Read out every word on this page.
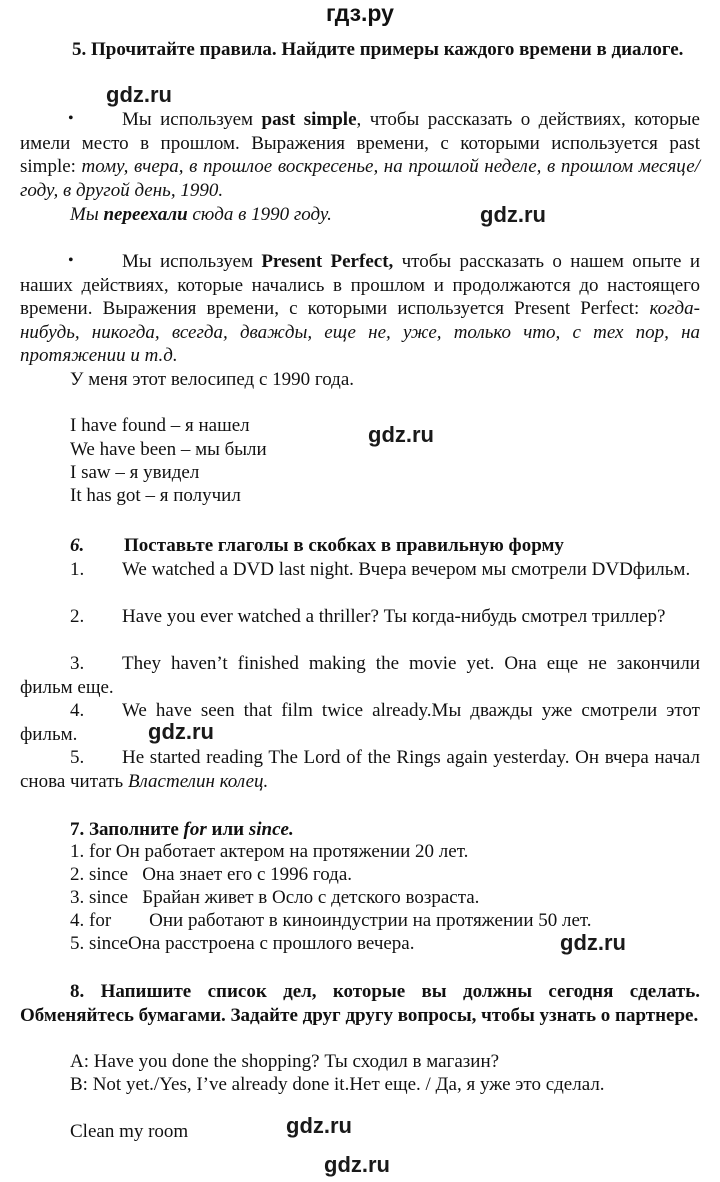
гдз.ру
5. Прочитайте правила. Найдите примеры каждого времени в диалоге.
gdz.ru
•	Мы используем past simple, чтобы рассказать о действиях, которые имели место в прошлом. Выражения времени, с которыми используется past simple: тому, вчера, в прошлое воскресенье, на прошлой неделе, в прошлом месяце/ году, в другой день, 1990.
Мы переехали сюда в 1990 году.	gdz.ru
•	Мы используем Present Perfect, чтобы рассказать о нашем опыте и наших действиях, которые начались в прошлом и продолжаются до настоящего времени. Выражения времени, с которыми используется Present Perfect: когда-нибудь, никогда, всегда, дважды, еще не, уже, только что, с тех пор, на протяжении и т.д.
У меня этот велосипед с 1990 года.
I have found – я нашел
We have been – мы были
I saw – я увидел
It has got – я получил
gdz.ru
6. Поставьте глаголы в скобках в правильную форму
1.	We watched a DVD last night. Вчера вечером мы смотрели DVDфильм.
2.	Have you ever watched a thriller? Ты когда-нибудь смотрел триллер?
3.	They haven’t finished making the movie yet. Она еще не закончили фильм еще.
4.	We have seen that film twice already.Мы дважды уже смотрели этот фильм.	gdz.ru
5.	He started reading The Lord of the Rings again yesterday. Он вчера начал снова читать Властелин колец.
7. Заполните for или since.
1. for Он работает актером на протяжении 20 лет.
2. since   Она знает его с 1996 года.
3. since   Брайан живет в Осло с детского возраста.
4. for        Они работают в киноиндустрии на протяжении 50 лет.
5. sinceОна расстроена с прошлого вечера.	gdz.ru
8. Напишите список дел, которые вы должны сегодня сделать. Обменяйтесь бумагами. Задайте друг другу вопросы, чтобы узнать о партнере.
A: Have you done the shopping? Ты сходил в магазин?
B: Not yet./Yes, I’ve already done it.Нет еще. / Да, я уже это сделал.
Clean my room	gdz.ru
gdz.ru
